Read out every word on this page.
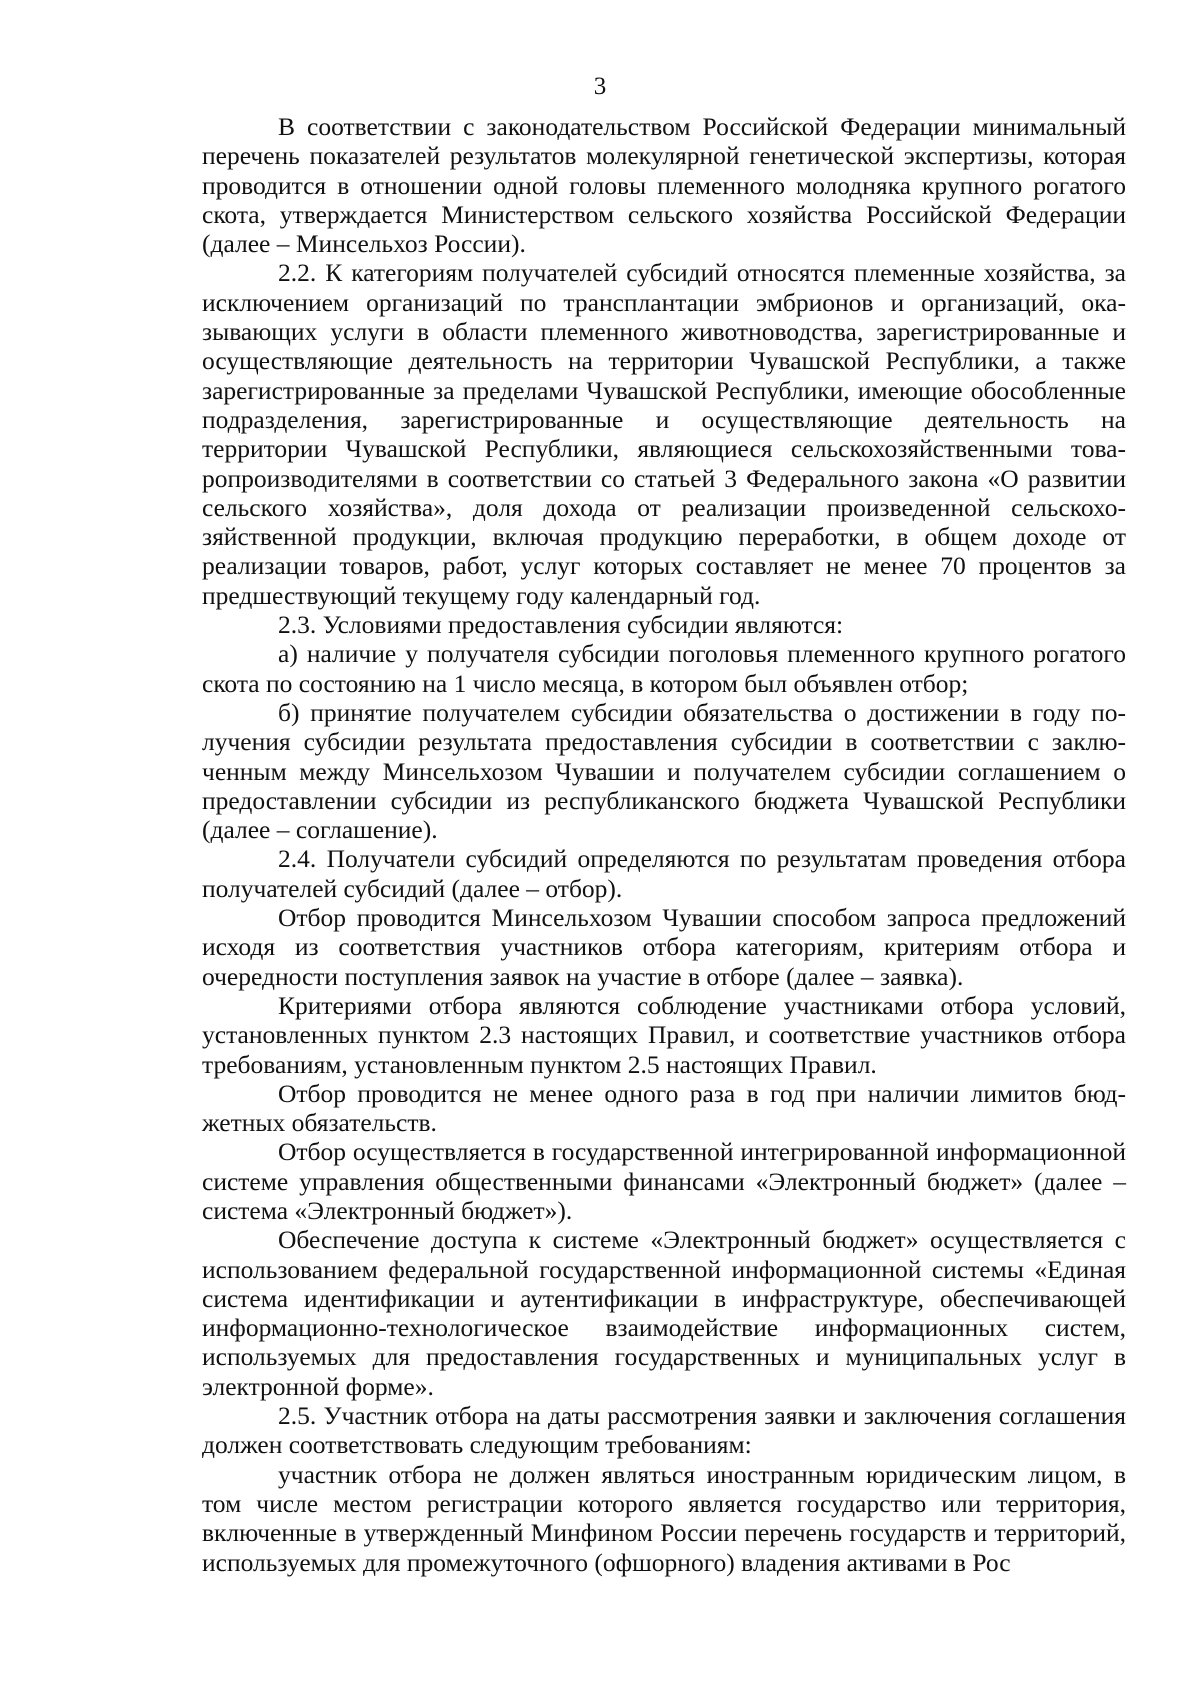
3

В соответствии с законодательством Российской Федерации минимальный перечень показателей результатов молекулярной генетической экспертизы, которая проводится в отношении одной головы племенного молодняка крупного рогатого скота, утверждается Министерством сельского хозяйства Российской Федерации (далее – Минсельхоз России).

2.2. К категориям получателей субсидий относятся племенные хозяйства, за исключением организаций по трансплантации эмбрионов и организаций, оказывающих услуги в области племенного животноводства, зарегистрированные и осуществляющие деятельность на территории Чувашской Республики, а также зарегистрированные за пределами Чувашской Республики, имеющие обособленные подразделения, зарегистрированные и осуществляющие деятельность на территории Чувашской Республики, являющиеся сельскохозяйственными товаропроизводителями в соответствии со статьей 3 Федерального закона «О развитии сельского хозяйства», доля дохода от реализации произведенной сельскохозяйственной продукции, включая продукцию переработки, в общем доходе от реализации товаров, работ, услуг которых составляет не менее 70 процентов за предшествующий текущему году календарный год.

2.3. Условиями предоставления субсидии являются:

а) наличие у получателя субсидии поголовья племенного крупного рогатого скота по состоянию на 1 число месяца, в котором был объявлен отбор;

б) принятие получателем субсидии обязательства о достижении в году получения субсидии результата предоставления субсидии в соответствии с заключенным между Минсельхозом Чувашии и получателем субсидии соглашением о предоставлении субсидии из республиканского бюджета Чувашской Республики (далее – соглашение).

2.4. Получатели субсидий определяются по результатам проведения отбора получателей субсидий (далее – отбор).

Отбор проводится Минсельхозом Чувашии способом запроса предложений исходя из соответствия участников отбора категориям, критериям отбора и очередности поступления заявок на участие в отборе (далее – заявка).

Критериями отбора являются соблюдение участниками отбора условий, установленных пунктом 2.3 настоящих Правил, и соответствие участников отбора требованиям, установленным пунктом 2.5 настоящих Правил.

Отбор проводится не менее одного раза в год при наличии лимитов бюджетных обязательств.

Отбор осуществляется в государственной интегрированной информационной системе управления общественными финансами «Электронный бюджет» (далее – система «Электронный бюджет»).

Обеспечение доступа к системе «Электронный бюджет» осуществляется с использованием федеральной государственной информационной системы «Единая система идентификации и аутентификации в инфраструктуре, обеспечивающей информационно-технологическое взаимодействие информационных систем, используемых для предоставления государственных и муниципальных услуг в электронной форме».

2.5. Участник отбора на даты рассмотрения заявки и заключения соглашения должен соответствовать следующим требованиям:

участник отбора не должен являться иностранным юридическим лицом, в том числе местом регистрации которого является государство или территория, включенные в утвержденный Минфином России перечень государств и территорий, используемых для промежуточного (офшорного) владения активами в Рос
